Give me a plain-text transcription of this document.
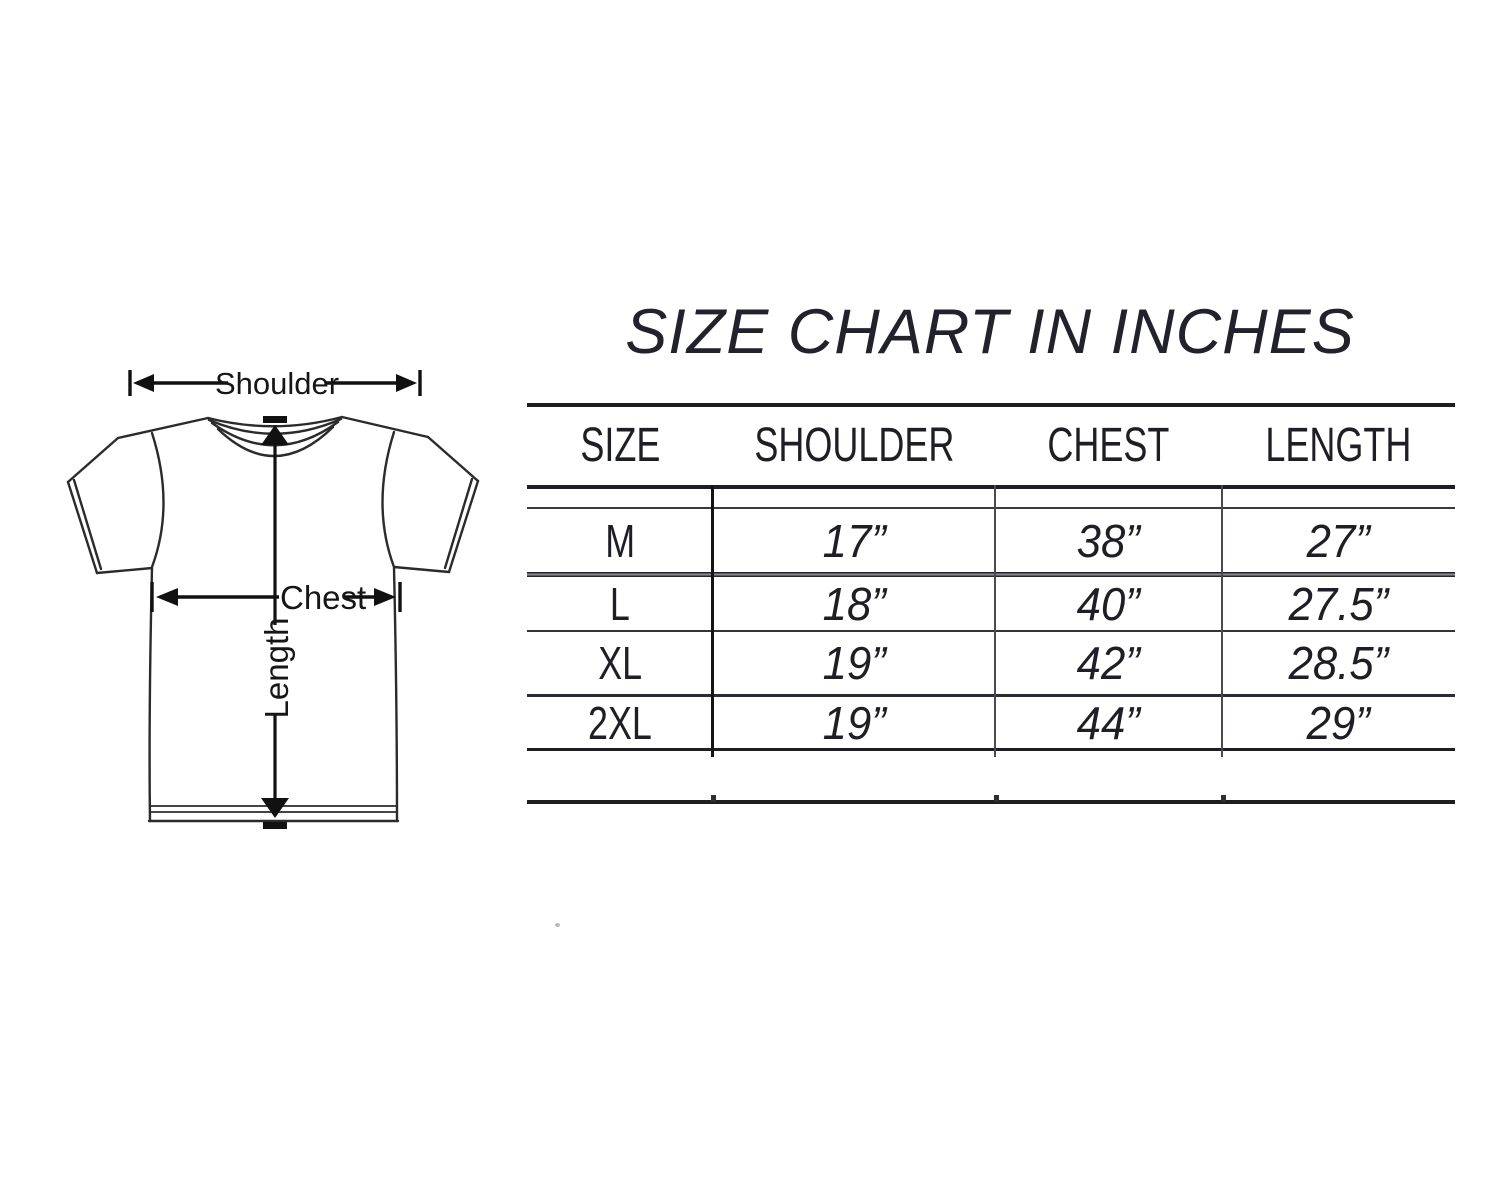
Shoulder
Chest
Length
SIZE CHART IN INCHES
SIZE SHOULDER CHEST LENGTH
M	17”	38”	27”
L	18”	40”	27.5”
XL	19”	42”	28.5”
2XL	19”	44”	29”
